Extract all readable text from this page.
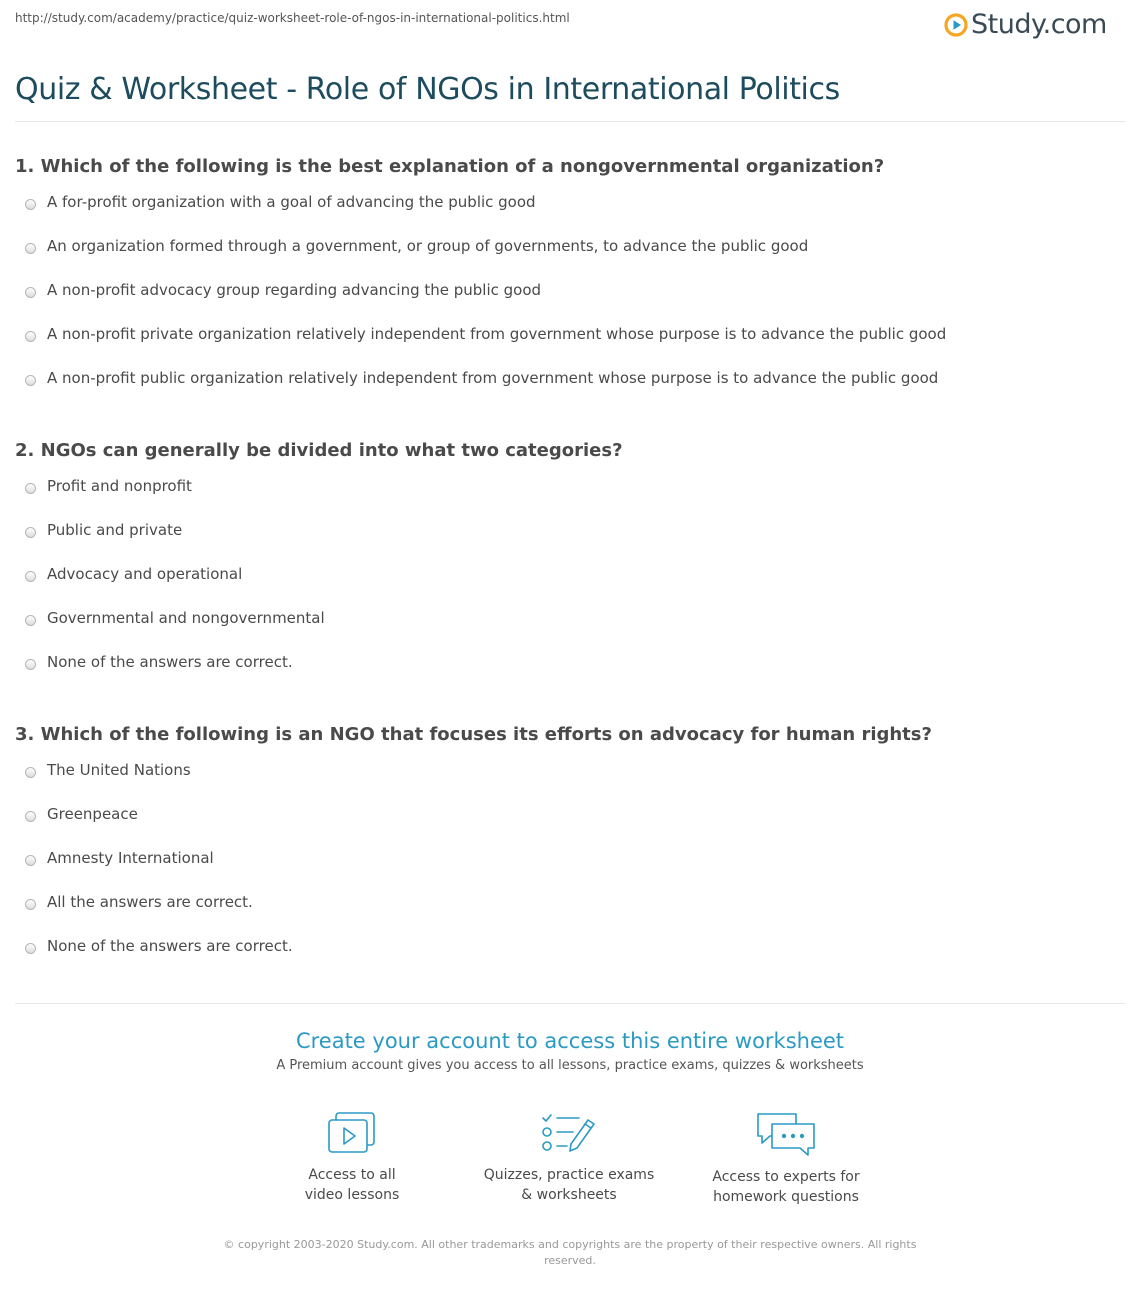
http://study.com/academy/practice/quiz-worksheet-role-of-ngos-in-international-politics.html	Study.com
Quiz & Worksheet - Role of NGOs in International Politics

1. Which of the following is the best explanation of a nongovernmental organization?

A for-profit organization with a goal of advancing the public good
An organization formed through a government, or group of governments, to advance the public good
A non-profit advocacy group regarding advancing the public good
A non-profit private organization relatively independent from government whose purpose is to advance the public good
A non-profit public organization relatively independent from government whose purpose is to advance the public good

2. NGOs can generally be divided into what two categories?

Profit and nonprofit
Public and private
Advocacy and operational
Governmental and nongovernmental
None of the answers are correct.

3. Which of the following is an NGO that focuses its efforts on advocacy for human rights?

The United Nations
Greenpeace
Amnesty International
All the answers are correct.
None of the answers are correct.
Create your account to access this entire worksheet
A Premium account gives you access to all lessons, practice exams, quizzes & worksheets
Access to all
video lessons
Quizzes, practice exams
& worksheets
Access to experts for
homework questions
© copyright 2003-2020 Study.com. All other trademarks and copyrights are the property of their respective owners. All rights reserved.
